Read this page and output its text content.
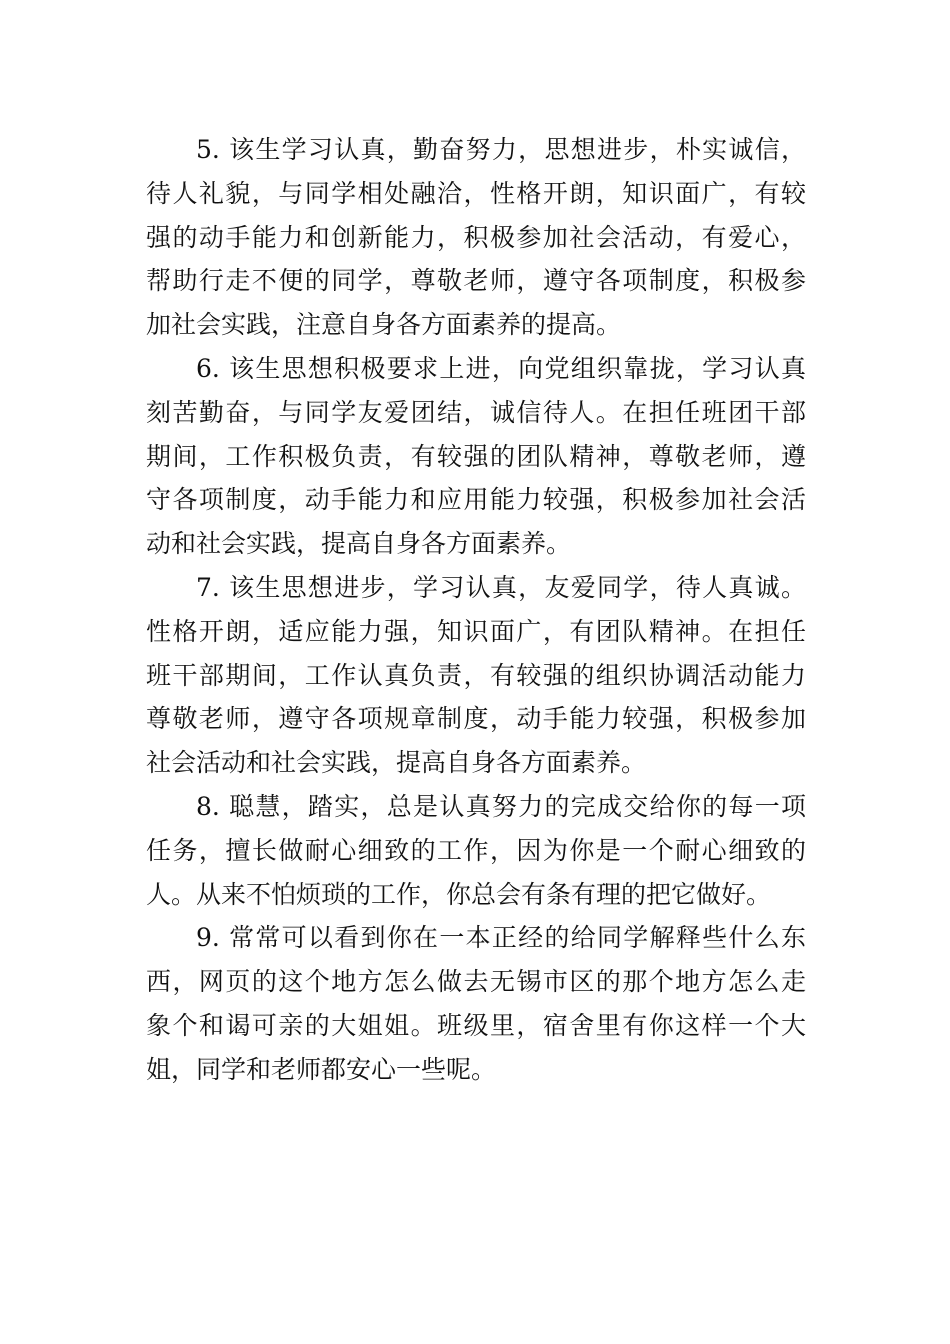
5. 该生学习认真，勤奋努力，思想进步，朴实诚信，
待人礼貌，与同学相处融洽，性格开朗，知识面广，有较
强的动手能力和创新能力，积极参加社会活动，有爱心，
帮助行走不便的同学，尊敬老师，遵守各项制度，积极参
加社会实践，注意自身各方面素养的提高。
6. 该生思想积极要求上进，向党组织靠拢，学习认真
刻苦勤奋，与同学友爱团结，诚信待人。在担任班团干部
期间，工作积极负责，有较强的团队精神，尊敬老师，遵
守各项制度，动手能力和应用能力较强，积极参加社会活
动和社会实践，提高自身各方面素养。
7. 该生思想进步，学习认真，友爱同学，待人真诚。
性格开朗，适应能力强，知识面广，有团队精神。在担任
班干部期间，工作认真负责，有较强的组织协调活动能力
尊敬老师，遵守各项规章制度，动手能力较强，积极参加
社会活动和社会实践，提高自身各方面素养。
8. 聪慧，踏实，总是认真努力的完成交给你的每一项
任务，擅长做耐心细致的工作，因为你是一个耐心细致的
人。从来不怕烦琐的工作，你总会有条有理的把它做好。
9. 常常可以看到你在一本正经的给同学解释些什么东
西，网页的这个地方怎么做去无锡市区的那个地方怎么走
象个和谒可亲的大姐姐。班级里，宿舍里有你这样一个大
姐，同学和老师都安心一些呢。
